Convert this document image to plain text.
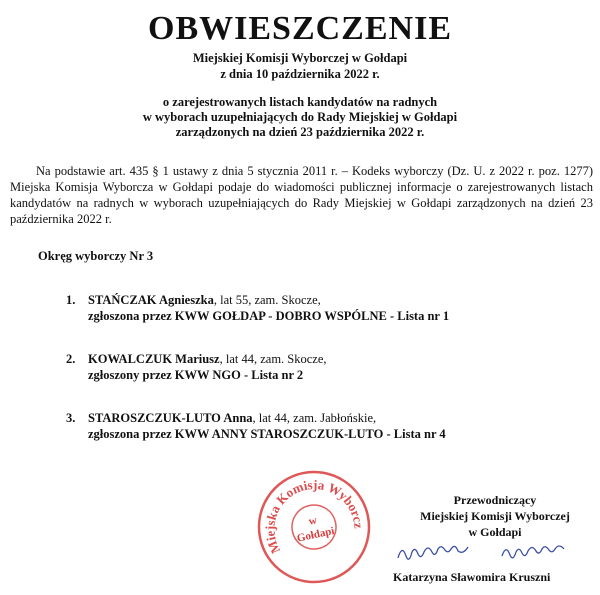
OBWIESZCZENIE
Miejskiej Komisji Wyborczej w Gołdapi
z dnia 10 października 2022 r.
o zarejestrowanych listach kandydatów na radnych
w wyborach uzupełniających do Rady Miejskiej w Gołdapi
zarządzonych na dzień 23 października 2022 r.
Na podstawie art. 435 § 1 ustawy z dnia 5 stycznia 2011 r. – Kodeks wyborczy (Dz. U. z 2022 r. poz. 1277) Miejska Komisja Wyborcza w Gołdapi podaje do wiadomości publicznej informacje o zarejestrowanych listach kandydatów na radnych w wyborach uzupełniających do Rady Miejskiej w Gołdapi zarządzonych na dzień 23 października 2022 r.
Okręg wyborczy Nr 3
1. STAŃCZAK Agnieszka, lat 55, zam. Skocze,
zgłoszona przez KWW GOŁDAP - DOBRO WSPÓLNE - Lista nr 1
2. KOWALCZUK Mariusz, lat 44, zam. Skocze,
zgłoszony przez KWW NGO - Lista nr 2
3. STAROSZCZUK-LUTO Anna, lat 44, zam. Jabłońskie,
zgłoszona przez KWW ANNY STAROSZCZUK-LUTO - Lista nr 4
Miejska Komisja Wyborcza
w
Gołdapi
Przewodniczący
Miejskiej Komisji Wyborczej
w Gołdapi
Katarzyna Sławomira Kruszni
